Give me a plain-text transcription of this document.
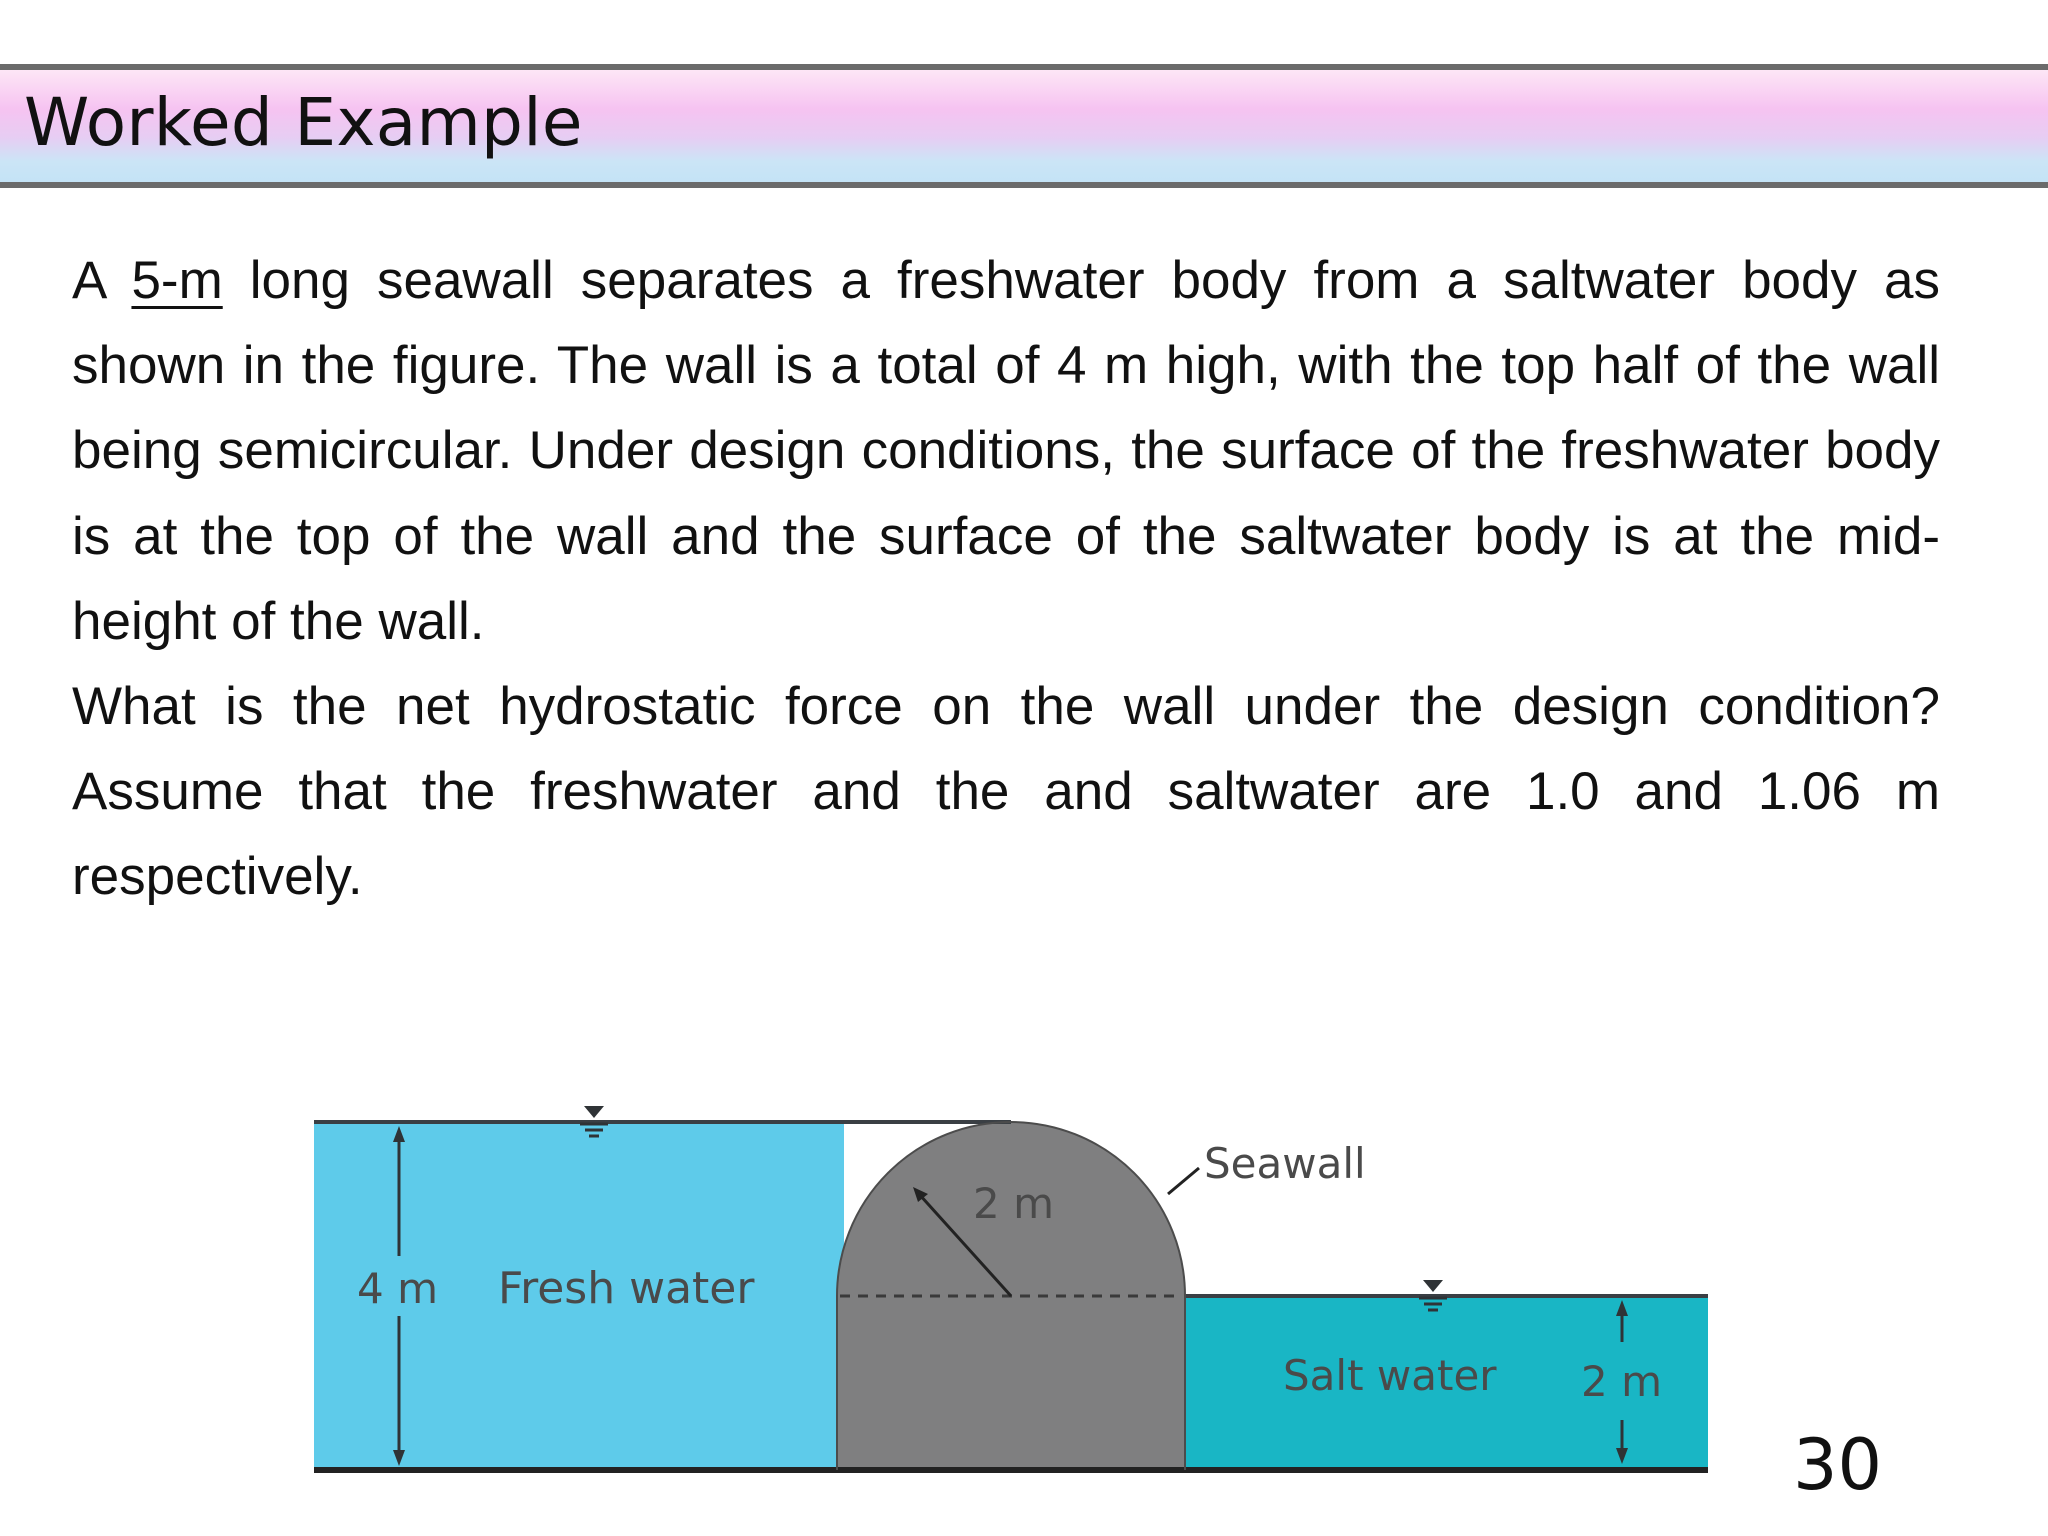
Worked Example

A 5-m long seawall separates a freshwater body from a saltwater body as shown in the figure. The wall is a total of 4 m high, with the top half of the wall being semicircular. Under design conditions, the surface of the freshwater body is at the top of the wall and the surface of the saltwater body is at the mid-height of the wall.

What is the net hydrostatic force on the wall under the design condition? Assume that the freshwater and the and saltwater are 1.0 and 1.06 m respectively.

4 m Fresh water
2 m
Seawall
Salt water 2 m
30
